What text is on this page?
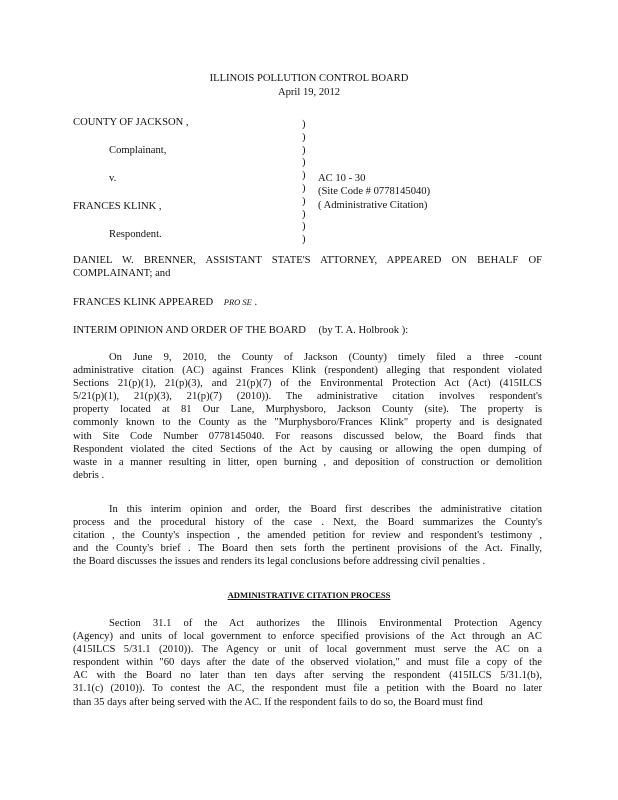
ILLINOIS POLLUTION CONTROL BOARD
April 19, 2012
COUNTY OF JACKSON ,
Complainant,
v.
FRANCES KLINK ,
Respondent.
)
)
)
)
)
)
)
)
)
)
AC 10 - 30
(Site Code # 0778145040)
( Administrative Citation)
DANIEL W. BRENNER, ASSISTANT STATE'S ATTORNEY, APPEARED ON BEHALF OF
COMPLAINANT; and
FRANCES KLINK APPEARED PRO SE .
INTERIM OPINION AND ORDER OF THE BOARD (by T. A. Holbrook ):
On June 9, 2010, the County of Jackson (County) timely filed a three -count
administrative citation (AC) against Frances Klink (respondent) alleging that respondent violated
Sections 21(p)(1), 21(p)(3), and 21(p)(7) of the Environmental Protection Act (Act) (415ILCS
5/21(p)(1), 21(p)(3), 21(p)(7) (2010)). The administrative citation involves respondent's
property located at 81 Our Lane, Murphysboro, Jackson County (site). The property is
commonly known to the County as the "Murphysboro/Frances Klink" property and is designated
with Site Code Number 0778145040. For reasons discussed below, the Board finds that
Respondent violated the cited Sections of the Act by causing or allowing the open dumping of
waste in a manner resulting in litter, open burning , and deposition of construction or demolition
debris .
In this interim opinion and order, the Board first describes the administrative citation
process and the procedural history of the case . Next, the Board summarizes the County's
citation , the County's inspection , the amended petition for review and respondent's testimony ,
and the County's brief . The Board then sets forth the pertinent provisions of the Act. Finally,
the Board discusses the issues and renders its legal conclusions before addressing civil penalties .
ADMINISTRATIVE CITATION PROCESS
Section 31.1 of the Act authorizes the Illinois Environmental Protection Agency
(Agency) and units of local government to enforce specified provisions of the Act through an AC
(415ILCS 5/31.1 (2010)). The Agency or unit of local government must serve the AC on a
respondent within "60 days after the date of the observed violation," and must file a copy of the
AC with the Board no later than ten days after serving the respondent (415ILCS 5/31.1(b),
31.1(c) (2010)). To contest the AC, the respondent must file a petition with the Board no later
than 35 days after being served with the AC. If the respondent fails to do so, the Board must find
